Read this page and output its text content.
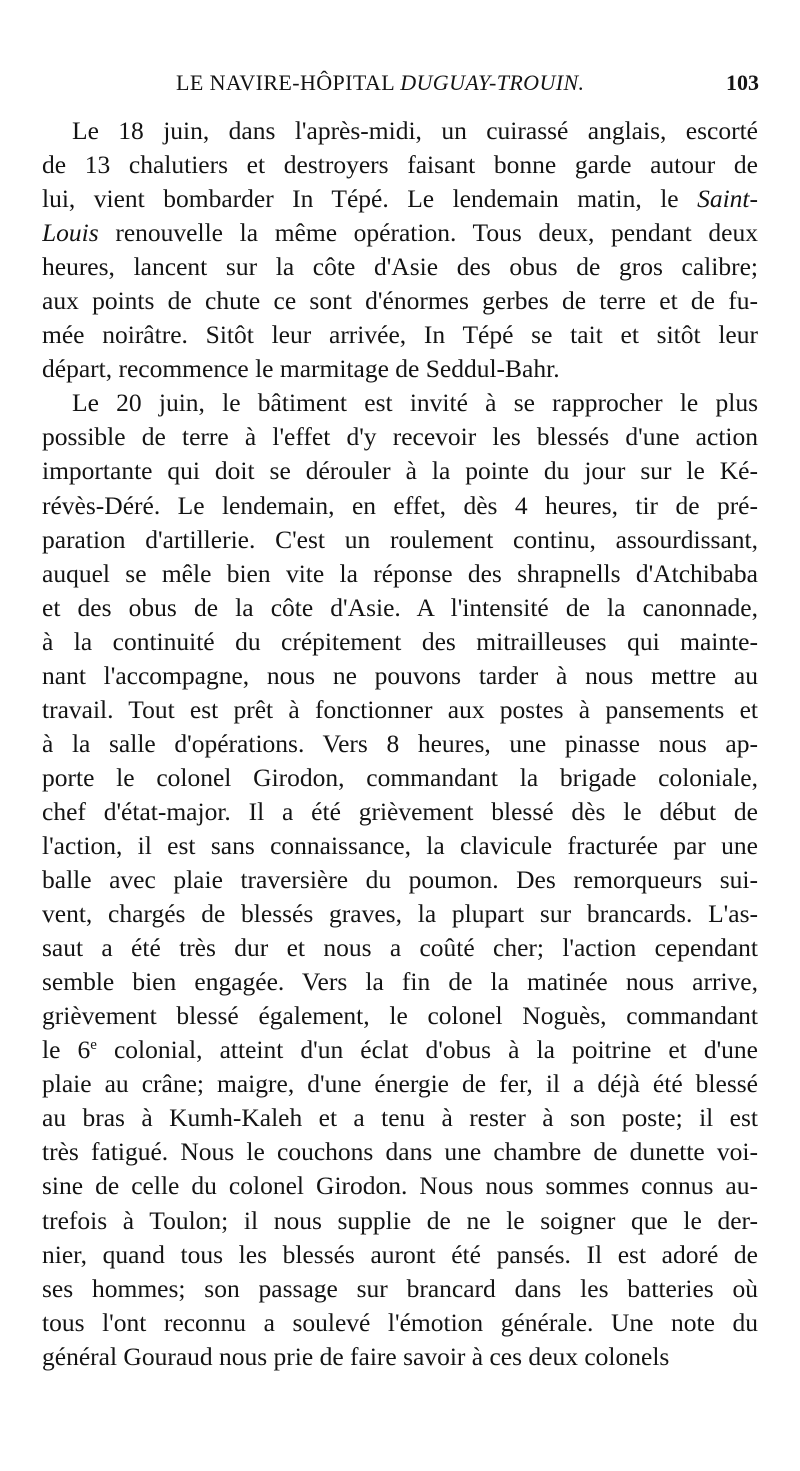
LE NAVIRE-HÔPITAL DUGUAY-TROUIN.	103
Le 18 juin, dans l'après-midi, un cuirassé anglais, escorté
de 13 chalutiers et destroyers faisant bonne garde autour de
lui, vient bombarder In Tépé. Le lendemain matin, le Saint-
Louis renouvelle la même opération. Tous deux, pendant deux
heures, lancent sur la côte d'Asie des obus de gros calibre;
aux points de chute ce sont d'énormes gerbes de terre et de fu-
mée noirâtre. Sitôt leur arrivée, In Tépé se tait et sitôt leur
départ, recommence le marmitage de Seddul-Bahr.
Le 20 juin, le bâtiment est invité à se rapprocher le plus
possible de terre à l'effet d'y recevoir les blessés d'une action
importante qui doit se dérouler à la pointe du jour sur le Ké-
révès-Déré. Le lendemain, en effet, dès 4 heures, tir de pré-
paration d'artillerie. C'est un roulement continu, assourdissant,
auquel se mêle bien vite la réponse des shrapnells d'Atchibaba
et des obus de la côte d'Asie. A l'intensité de la canonnade,
à la continuité du crépitement des mitrailleuses qui mainte-
nant l'accompagne, nous ne pouvons tarder à nous mettre au
travail. Tout est prêt à fonctionner aux postes à pansements et
à la salle d'opérations. Vers 8 heures, une pinasse nous ap-
porte le colonel Girodon, commandant la brigade coloniale,
chef d'état-major. Il a été grièvement blessé dès le début de
l'action, il est sans connaissance, la clavicule fracturée par une
balle avec plaie traversière du poumon. Des remorqueurs sui-
vent, chargés de blessés graves, la plupart sur brancards. L'as-
saut a été très dur et nous a coûté cher; l'action cependant
semble bien engagée. Vers la fin de la matinée nous arrive,
grièvement blessé également, le colonel Noguès, commandant
le 6e colonial, atteint d'un éclat d'obus à la poitrine et d'une
plaie au crâne; maigre, d'une énergie de fer, il a déjà été blessé
au bras à Kumh-Kaleh et a tenu à rester à son poste; il est
très fatigué. Nous le couchons dans une chambre de dunette voi-
sine de celle du colonel Girodon. Nous nous sommes connus au-
trefois à Toulon; il nous supplie de ne le soigner que le der-
nier, quand tous les blessés auront été pansés. Il est adoré de
ses hommes; son passage sur brancard dans les batteries où
tous l'ont reconnu a soulevé l'émotion générale. Une note du
général Gouraud nous prie de faire savoir à ces deux colonels
